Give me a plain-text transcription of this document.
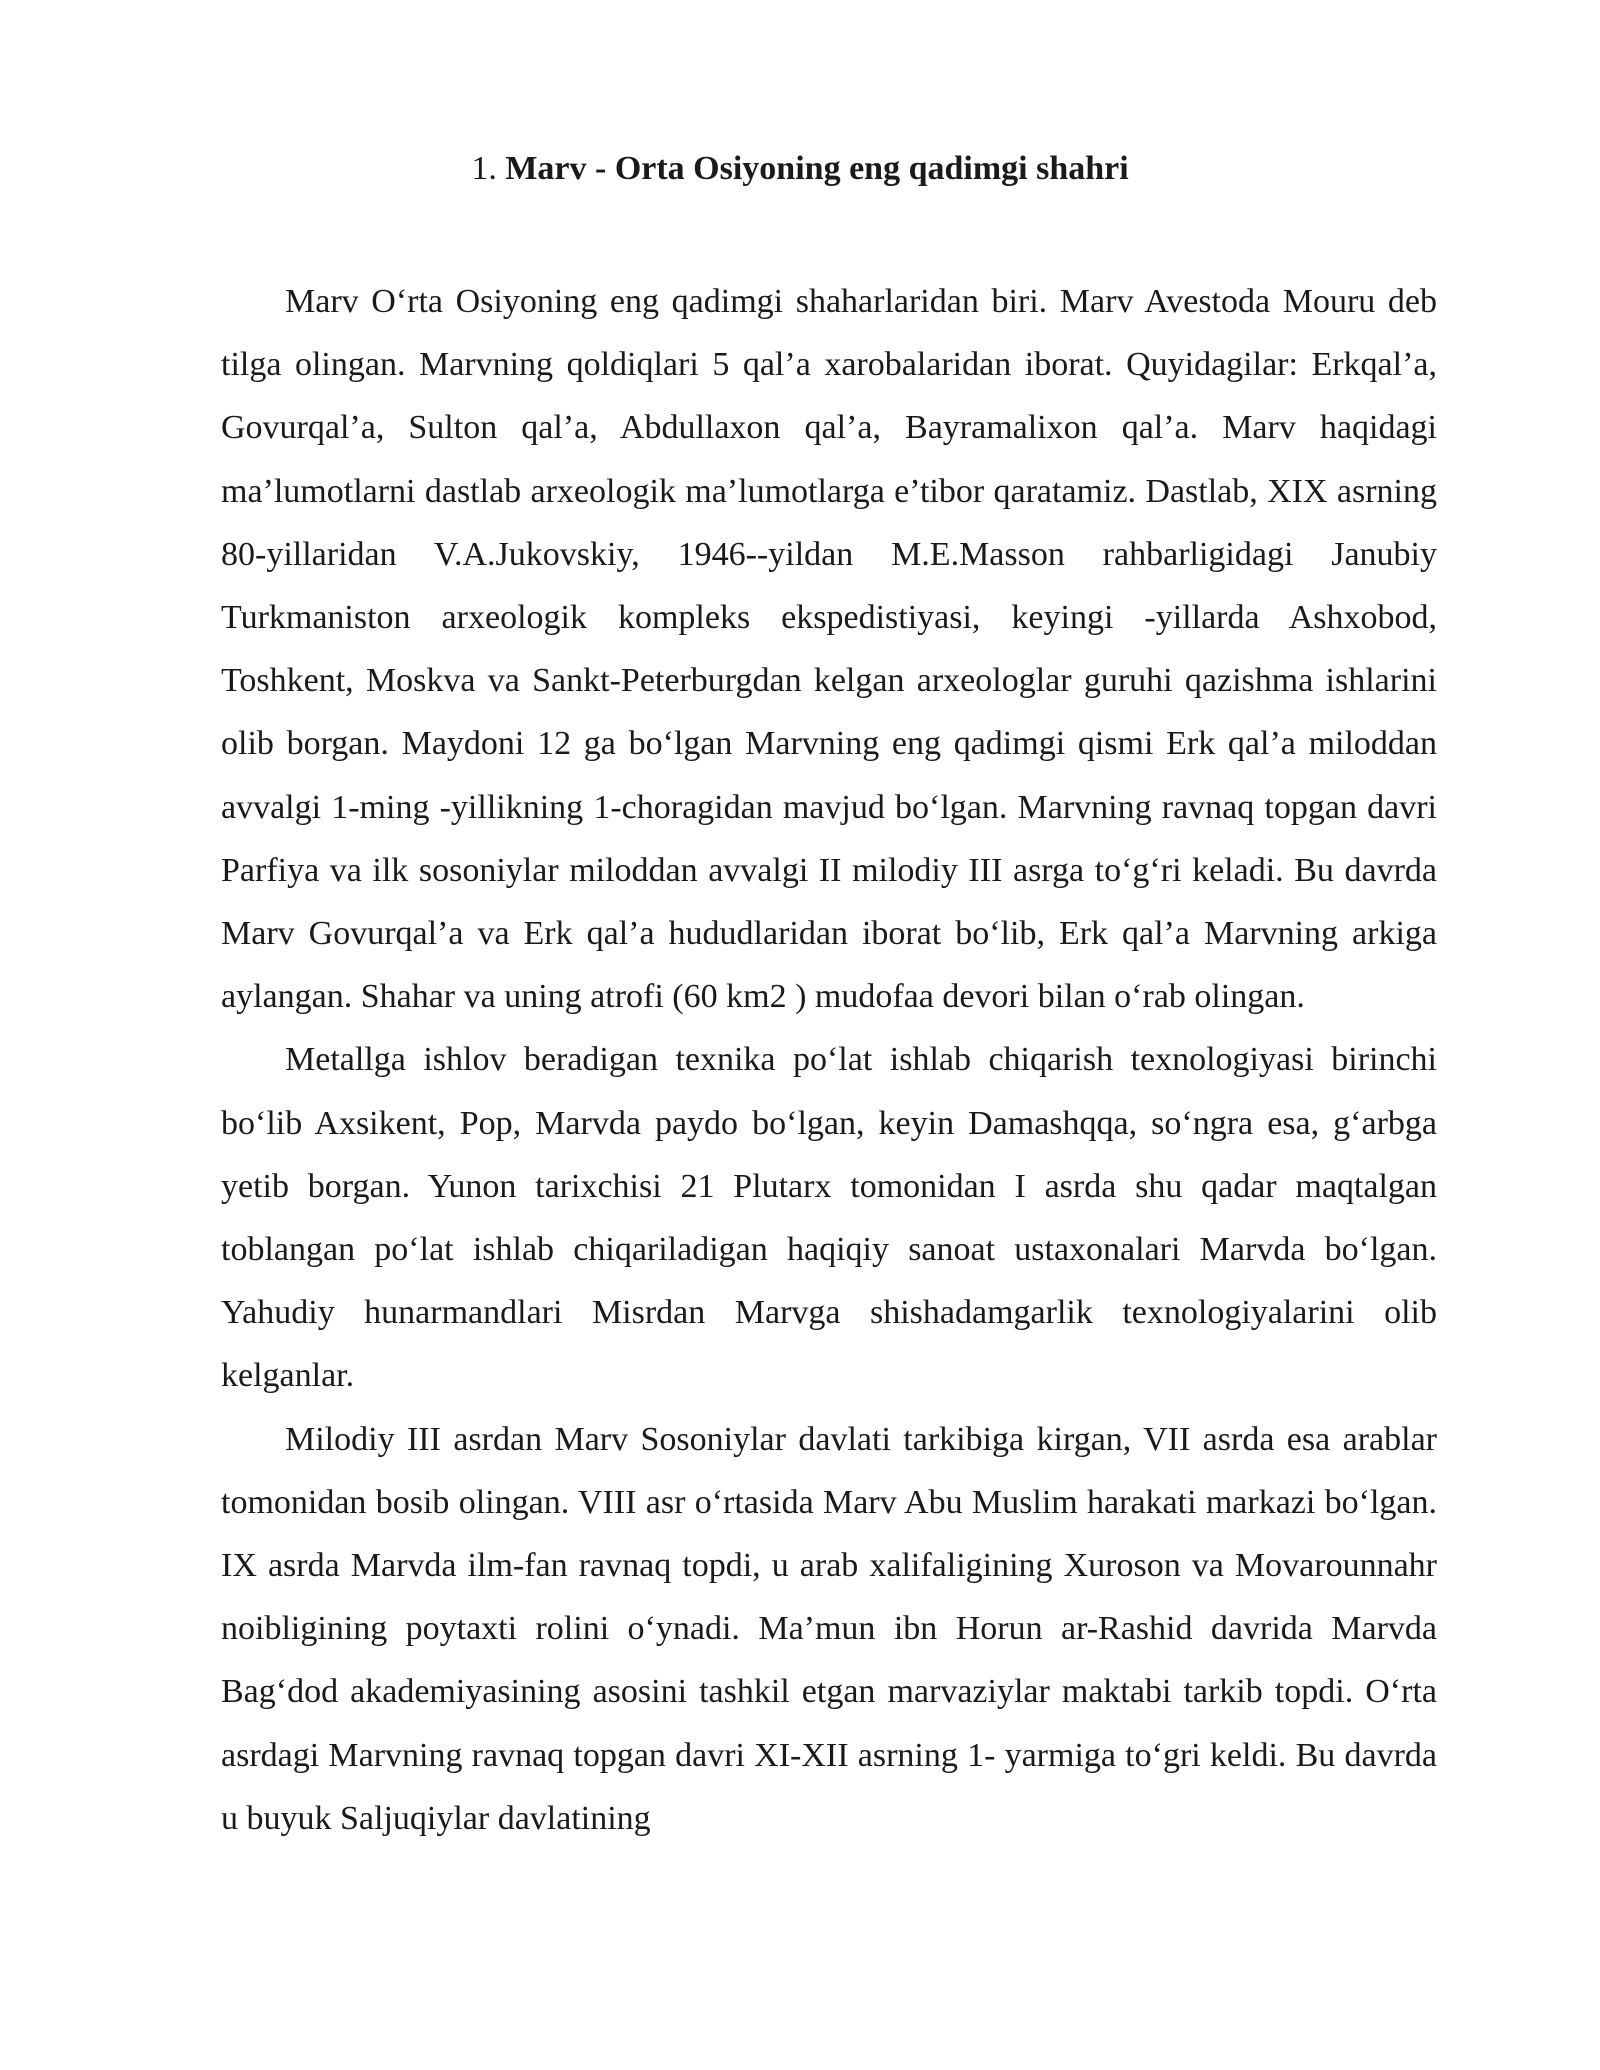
1. Marv - Orta Osiyoning eng qadimgi shahri

Marv O‘rta Osiyoning eng qadimgi shaharlaridan biri. Marv Avestoda Mouru deb tilga olingan. Marvning qoldiqlari 5 qal’a xarobalaridan iborat. Quyidagilar: Erkqal’a, Govurqal’a, Sulton qal’a, Abdullaxon qal’a, Bayramalixon qal’a. Marv haqidagi ma’lumotlarni dastlab arxeologik ma’lumotlarga e’tibor qaratamiz. Dastlab, XIX asrning 80-yillaridan V.A.Jukovskiy, 1946--yildan M.E.Masson rahbarligidagi Janubiy Turkmaniston arxeologik kompleks ekspedistiyasi, keyingi -yillarda Ashxobod, Toshkent, Moskva va Sankt-Peterburgdan kelgan arxeologlar guruhi qazishma ishlarini olib borgan. Maydoni 12 ga bo‘lgan Marvning eng qadimgi qismi Erk qal’a miloddan avvalgi 1-ming -yillikning 1-choragidan mavjud bo‘lgan. Marvning ravnaq topgan davri Parfiya va ilk sosoniylar miloddan avvalgi II milodiy III asrga to‘g‘ri keladi. Bu davrda Marv Govurqal’a va Erk qal’a hududlaridan iborat bo‘lib, Erk qal’a Marvning arkiga aylangan. Shahar va uning atrofi (60 km2 ) mudofaa devori bilan o‘rab olingan.

Metallga ishlov beradigan texnika po‘lat ishlab chiqarish texnologiyasi birinchi bo‘lib Axsikent, Pop, Marvda paydo bo‘lgan, keyin Damashqqa, so‘ngra esa, g‘arbga yetib borgan. Yunon tarixchisi 21 Plutarx tomonidan I asrda shu qadar maqtalgan toblangan po‘lat ishlab chiqariladigan haqiqiy sanoat ustaxonalari Marvda bo‘lgan. Yahudiy hunarmandlari Misrdan Marvga shishadamgarlik texnologiyalarini olib kelganlar.

Milodiy III asrdan Marv Sosoniylar davlati tarkibiga kirgan, VII asrda esa arablar tomonidan bosib olingan. VIII asr o‘rtasida Marv Abu Muslim harakati markazi bo‘lgan. IX asrda Marvda ilm-fan ravnaq topdi, u arab xalifaligining Xuroson va Movarounnahr noibligining poytaxti rolini o‘ynadi. Ma’mun ibn Horun ar-Rashid davrida Marvda Bag‘dod akademiyasining asosini tashkil etgan marvaziylar maktabi tarkib topdi. O‘rta asrdagi Marvning ravnaq topgan davri XI-XII asrning 1- yarmiga to‘gri keldi. Bu davrda u buyuk Saljuqiylar davlatining
